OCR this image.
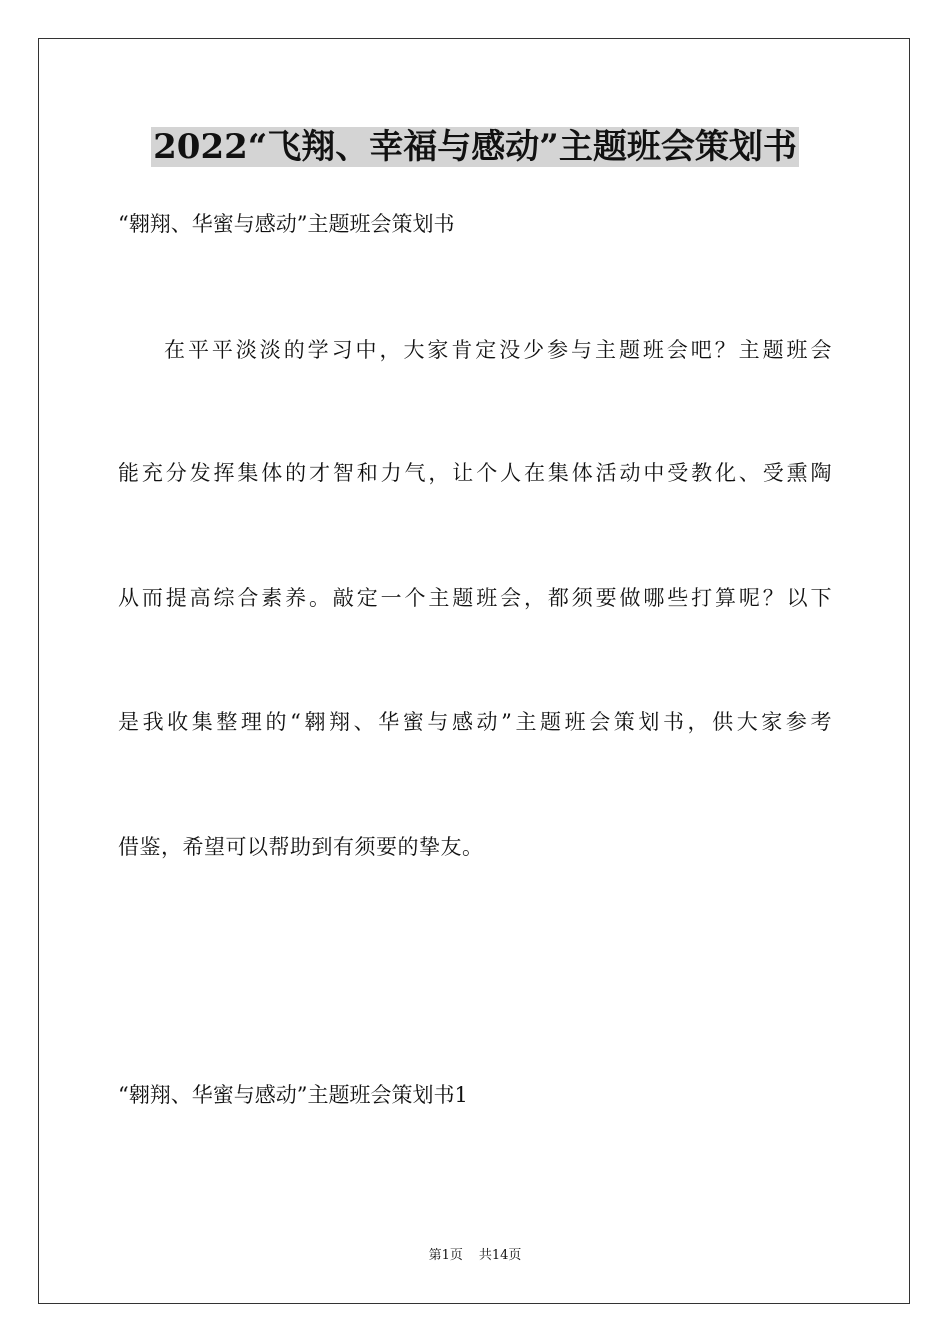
2022“飞翔、幸福与感动”主题班会策划书
“翱翔、华蜜与感动”主题班会策划书
在平平淡淡的学习中，大家肯定没少参与主题班会吧？主题班会
能充分发挥集体的才智和力气，让个人在集体活动中受教化、受熏陶
从而提高综合素养。敲定一个主题班会，都须要做哪些打算呢？以下
是我收集整理的“翱翔、华蜜与感动”主题班会策划书，供大家参考
借鉴，希望可以帮助到有须要的挚友。
“翱翔、华蜜与感动”主题班会策划书1
第1页 共14页
